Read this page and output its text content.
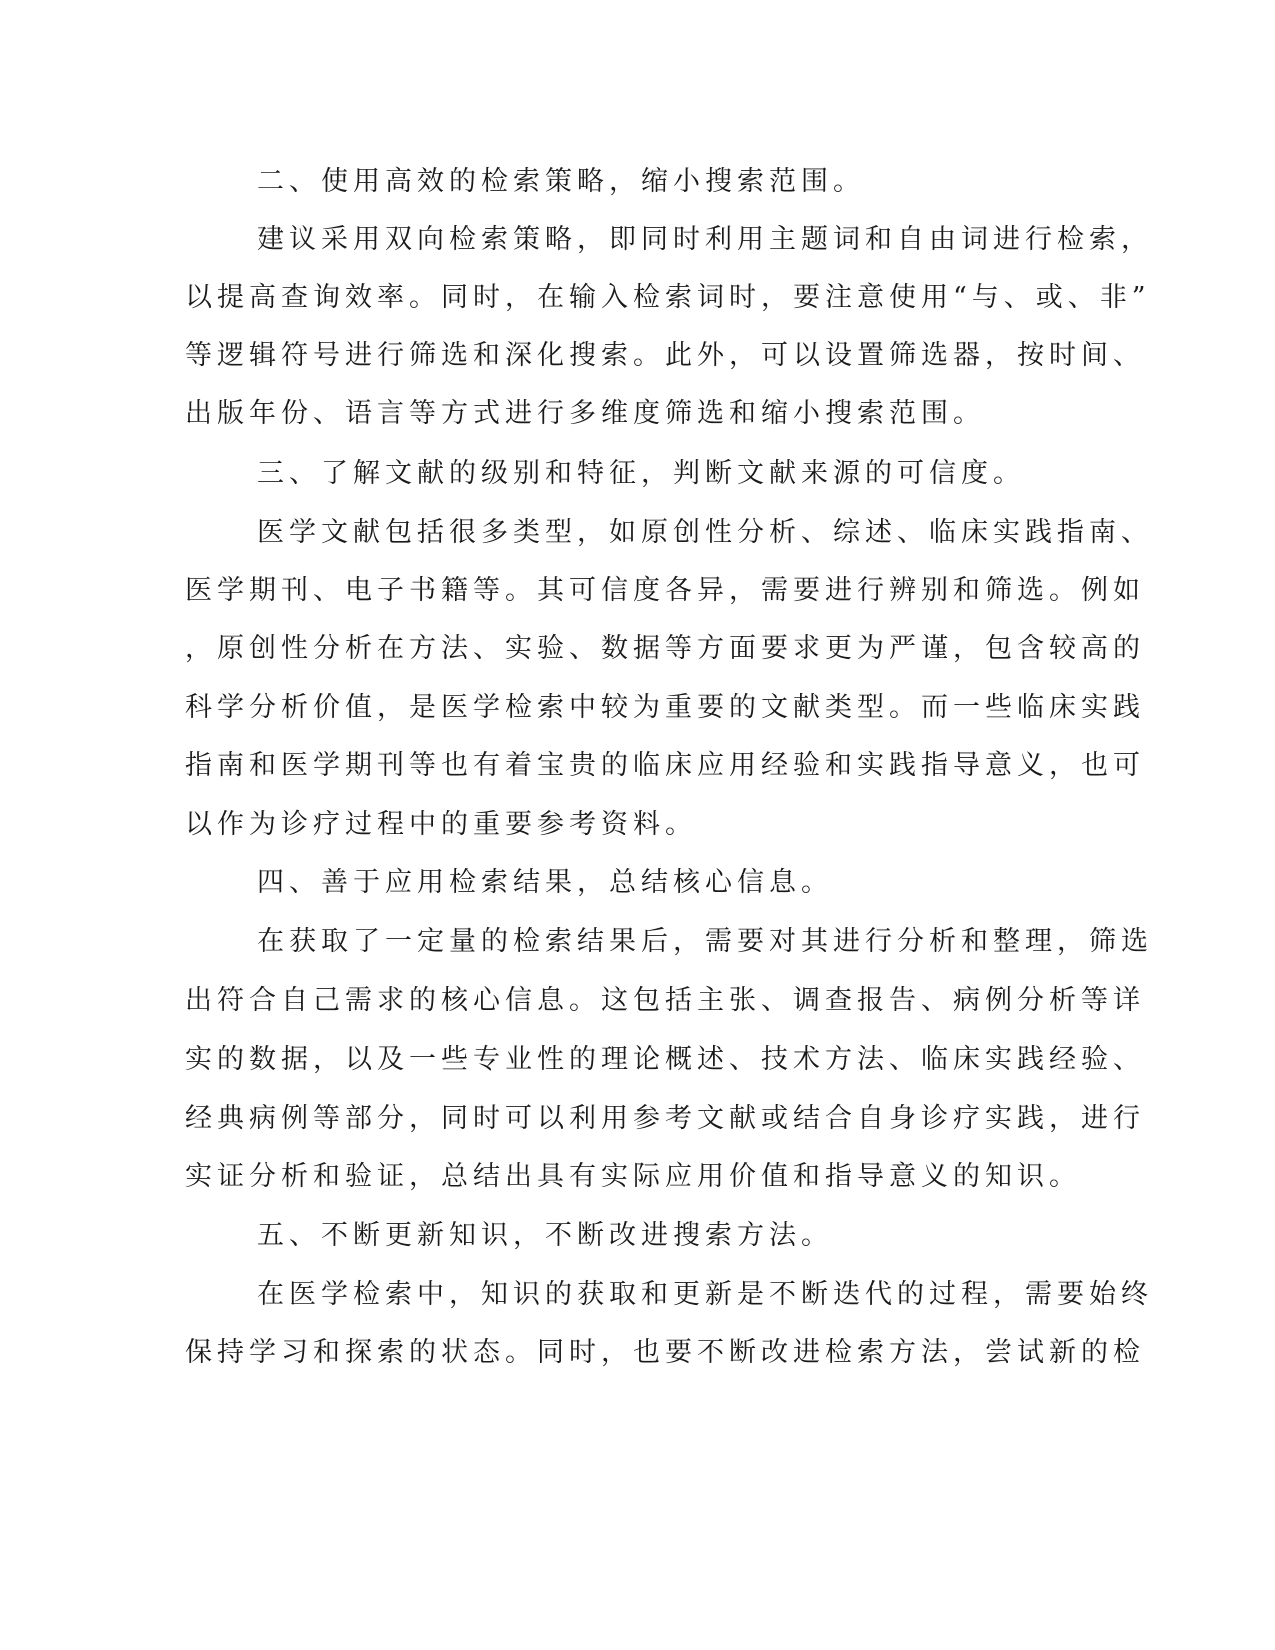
二、使用高效的检索策略，缩小搜索范围。
建议采用双向检索策略，即同时利用主题词和自由词进行检索，
以提高查询效率。同时，在输入检索词时，要注意使用“与、或、非”
等逻辑符号进行筛选和深化搜索。此外，可以设置筛选器，按时间、
出版年份、语言等方式进行多维度筛选和缩小搜索范围。
三、了解文献的级别和特征，判断文献来源的可信度。
医学文献包括很多类型，如原创性分析、综述、临床实践指南、
医学期刊、电子书籍等。其可信度各异，需要进行辨别和筛选。例如
，原创性分析在方法、实验、数据等方面要求更为严谨，包含较高的
科学分析价值，是医学检索中较为重要的文献类型。而一些临床实践
指南和医学期刊等也有着宝贵的临床应用经验和实践指导意义，也可
以作为诊疗过程中的重要参考资料。
四、善于应用检索结果，总结核心信息。
在获取了一定量的检索结果后，需要对其进行分析和整理，筛选
出符合自己需求的核心信息。这包括主张、调查报告、病例分析等详
实的数据，以及一些专业性的理论概述、技术方法、临床实践经验、
经典病例等部分，同时可以利用参考文献或结合自身诊疗实践，进行
实证分析和验证，总结出具有实际应用价值和指导意义的知识。
五、不断更新知识，不断改进搜索方法。
在医学检索中，知识的获取和更新是不断迭代的过程，需要始终
保持学习和探索的状态。同时，也要不断改进检索方法，尝试新的检
